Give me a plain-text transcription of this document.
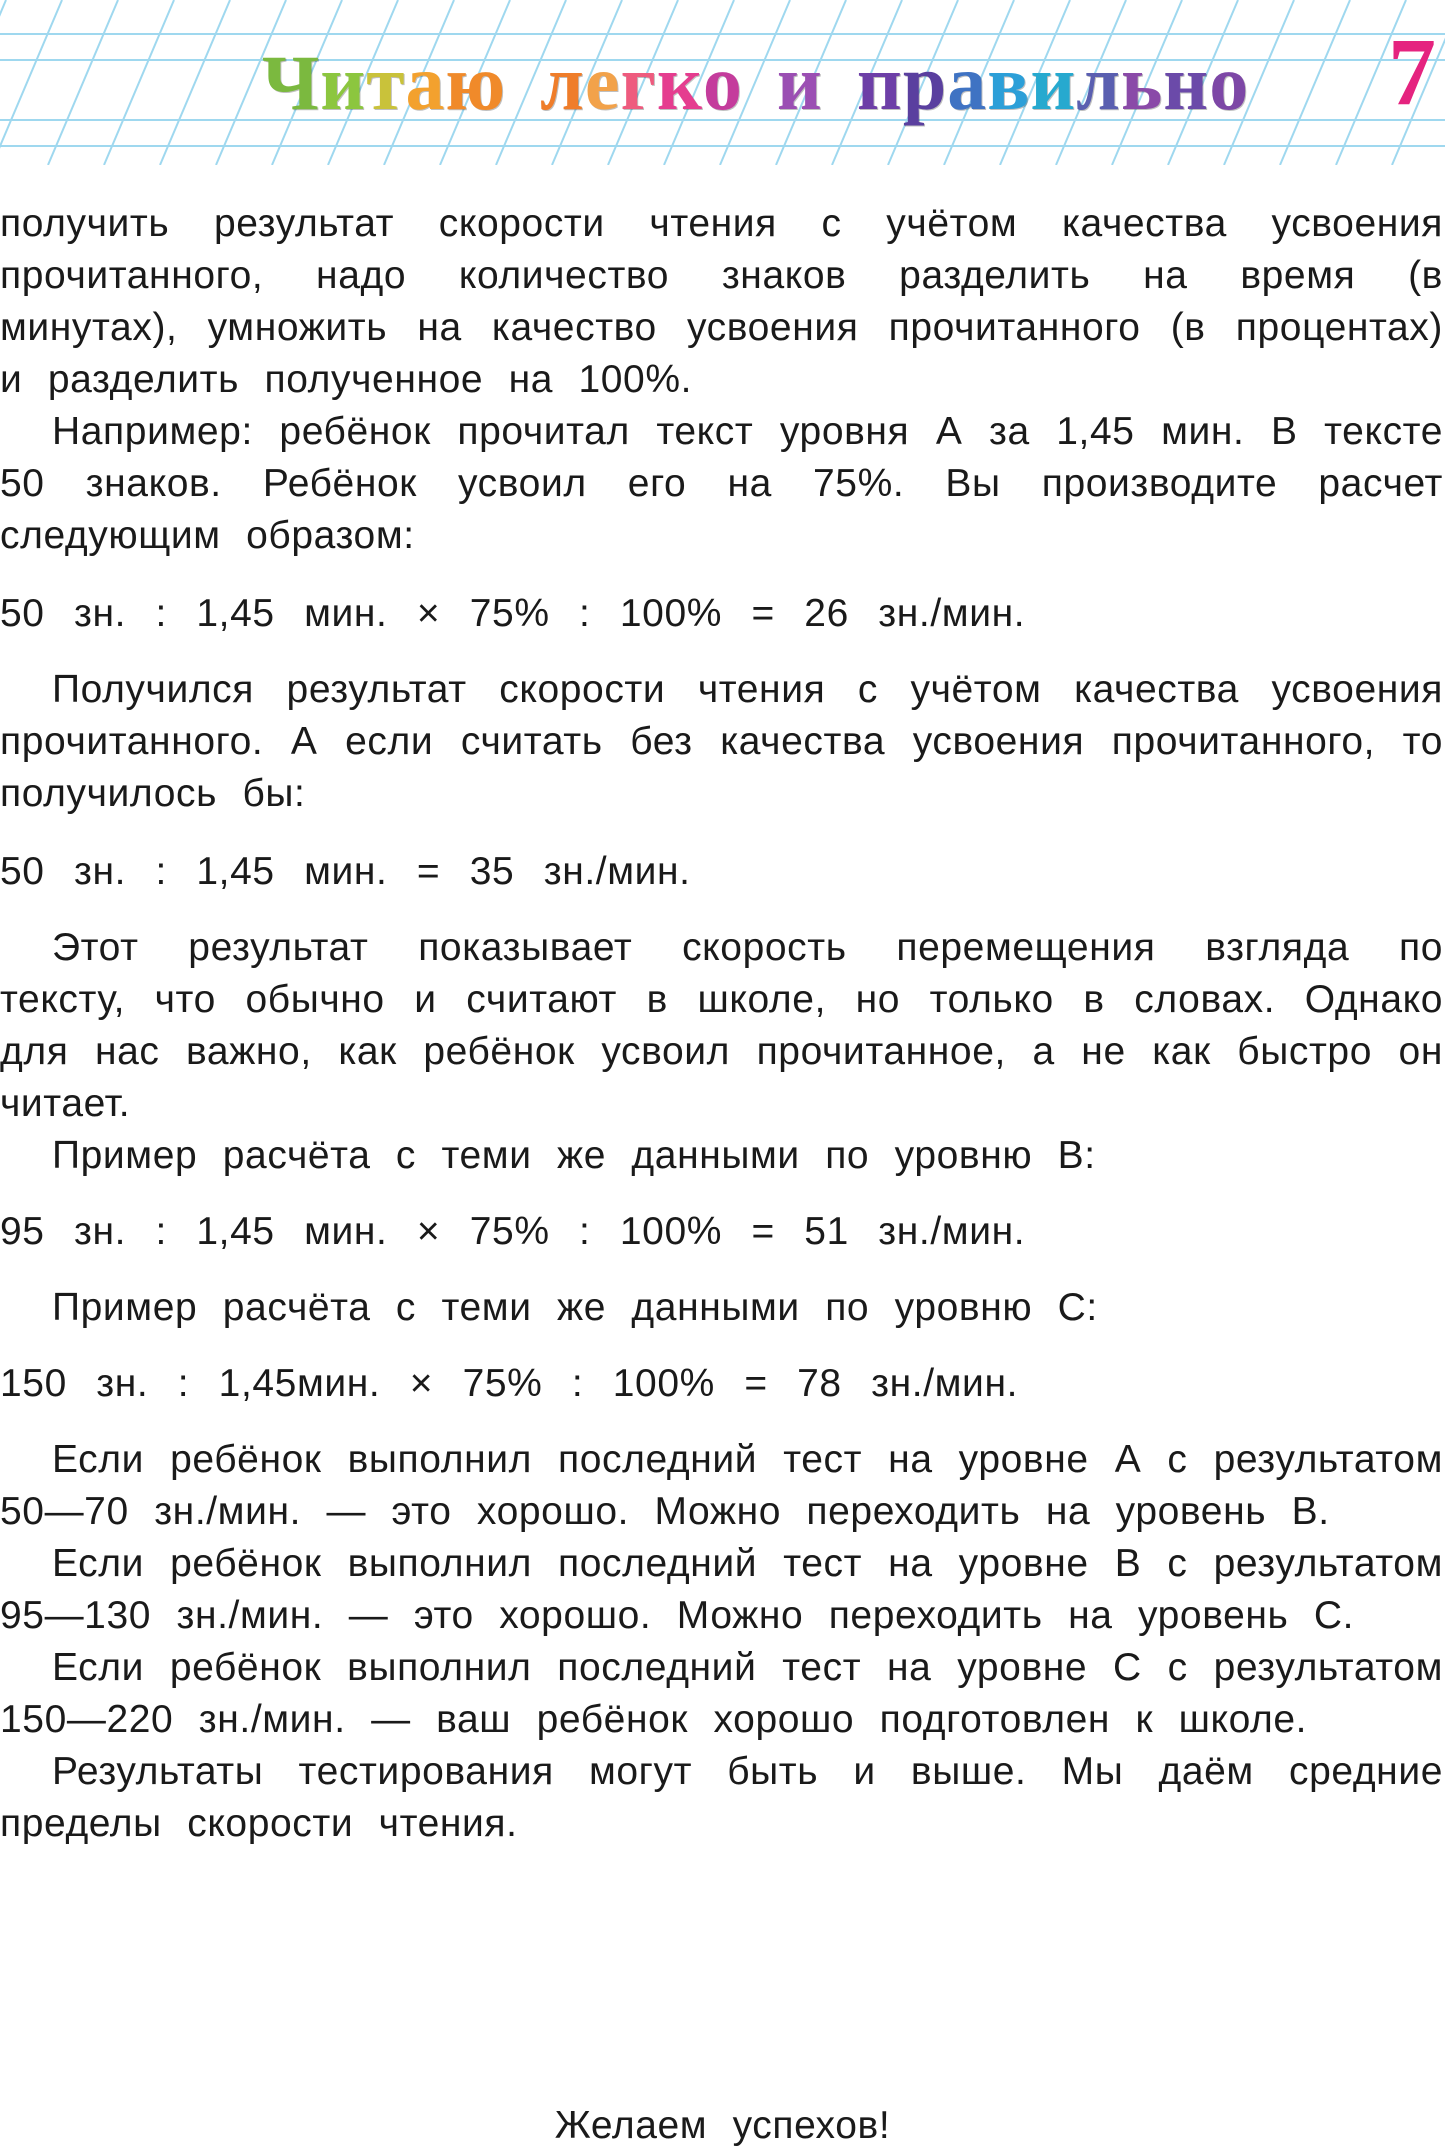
Читаю легко и правильно	7

получить результат скорости чтения с учётом качества усвоения прочитанного, надо количество знаков разделить на время (в минутах), умножить на качество усвоения прочитанного (в процентах) и разделить полученное на 100%.

Например: ребёнок прочитал текст уровня А за 1,45 мин. В тексте 50 знаков. Ребёнок усвоил его на 75%. Вы производите расчет следующим образом:

50 зн. : 1,45 мин. × 75% : 100% = 26 зн./мин.

Получился результат скорости чтения с учётом качества усвоения прочитанного. А если считать без качества усвоения прочитанного, то получилось бы:

50 зн. : 1,45 мин. = 35 зн./мин.

Этот результат показывает скорость перемещения взгляда по тексту, что обычно и считают в школе, но только в словах. Однако для нас важно, как ребёнок усвоил прочитанное, а не как быстро он читает.

Пример расчёта с теми же данными по уровню В:

95 зн. : 1,45 мин. × 75% : 100% = 51 зн./мин.

Пример расчёта с теми же данными по уровню С:

150 зн. : 1,45мин. × 75% : 100% = 78 зн./мин.

Если ребёнок выполнил последний тест на уровне А с результатом 50—70 зн./мин. — это хорошо. Можно переходить на уровень В.

Если ребёнок выполнил последний тест на уровне В с результатом 95—130 зн./мин. — это хорошо. Можно переходить на уровень С.

Если ребёнок выполнил последний тест на уровне С с результатом 150—220 зн./мин. — ваш ребёнок хорошо подготовлен к школе.

Результаты тестирования могут быть и выше. Мы даём средние пределы скорости чтения.

Желаем успехов!
